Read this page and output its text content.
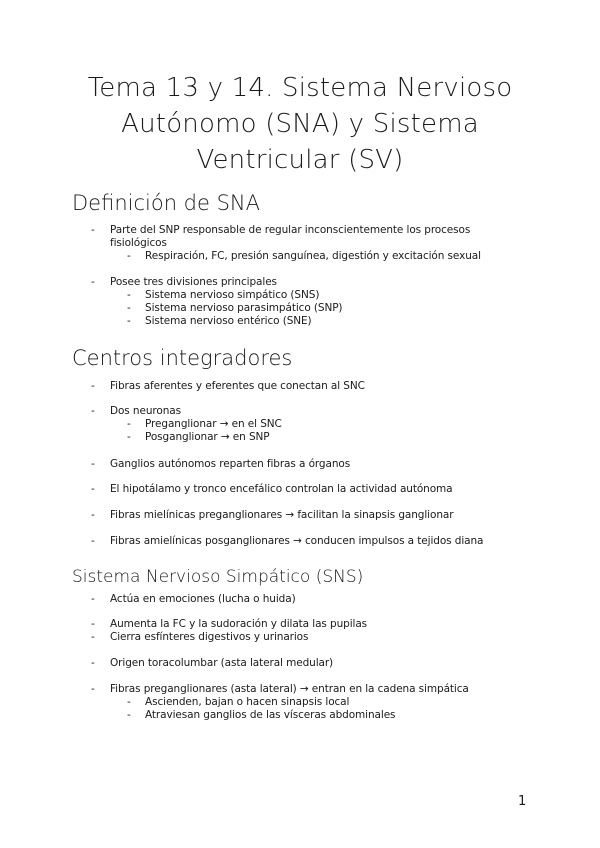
Tema 13 y 14. Sistema Nervioso
Autónomo (SNA) y Sistema
Ventricular (SV)
Definición de SNA
- Parte del SNP responsable de regular inconscientemente los procesos
fisiológicos
- Respiración, FC, presión sanguínea, digestión y excitación sexual
- Posee tres divisiones principales
- Sistema nervioso simpático (SNS)
- Sistema nervioso parasimpático (SNP)
- Sistema nervioso entérico (SNE)
Centros integradores
- Fibras aferentes y eferentes que conectan al SNC
- Dos neuronas
- Preganglionar → en el SNC
- Posganglionar → en SNP
- Ganglios autónomos reparten fibras a órganos
- El hipotálamo y tronco encefálico controlan la actividad autónoma
- Fibras mielínicas preganglionares → facilitan la sinapsis ganglionar
- Fibras amielínicas posganglionares → conducen impulsos a tejidos diana
Sistema Nervioso Simpático (SNS)
- Actúa en emociones (lucha o huida)
- Aumenta la FC y la sudoración y dilata las pupilas
- Cierra esfínteres digestivos y urinarios
- Origen toracolumbar (asta lateral medular)
- Fibras preganglionares (asta lateral) → entran en la cadena simpática
- Ascienden, bajan o hacen sinapsis local
- Atraviesan ganglios de las vísceras abdominales
1
